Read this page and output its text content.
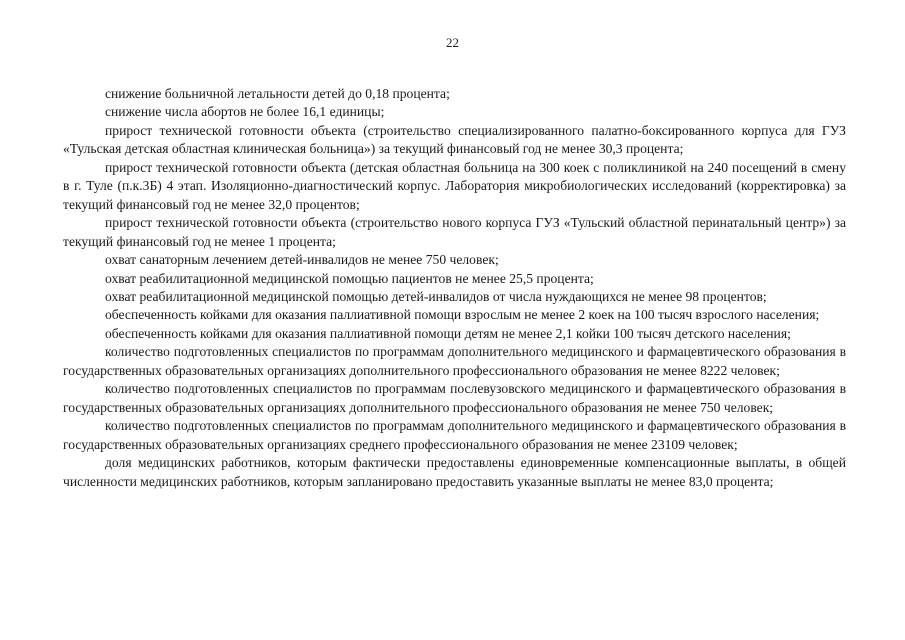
22

снижение больничной летальности детей до 0,18 процента;

снижение числа абортов не более 16,1 единицы;

прирост технической готовности объекта (строительство специализированного палатно-боксированного корпуса для ГУЗ «Тульская детская областная клиническая больница») за текущий финансовый год не менее 30,3 процента;

прирост технической готовности объекта (детская областная больница на 300 коек с поликлиникой на 240 посещений в смену в г. Туле (п.к.3Б) 4 этап. Изоляционно-диагностический корпус. Лаборатория микробиологических исследований (корректировка) за текущий финансовый год не менее 32,0 процентов;

прирост технической готовности объекта (строительство нового корпуса ГУЗ «Тульский областной перинатальный центр») за текущий финансовый год не менее 1 процента;

охват санаторным лечением детей-инвалидов не менее 750 человек;

охват реабилитационной медицинской помощью пациентов не менее 25,5 процента;

охват реабилитационной медицинской помощью детей-инвалидов от числа нуждающихся не менее 98 процентов;

обеспеченность койками для оказания паллиативной помощи взрослым не менее 2 коек на 100 тысяч взрослого населения;

обеспеченность койками для оказания паллиативной помощи детям не менее 2,1 койки 100 тысяч детского населения;

количество подготовленных специалистов по программам дополнительного медицинского и фармацевтического образования в государственных образовательных организациях дополнительного профессионального образования не менее 8222 человек;

количество подготовленных специалистов по программам послевузовского медицинского и фармацевтического образования в государственных образовательных организациях дополнительного профессионального образования не менее 750 человек;

количество подготовленных специалистов по программам дополнительного медицинского и фармацевтического образования в государственных образовательных организациях среднего профессионального образования не менее 23109 человек;

доля медицинских работников, которым фактически предоставлены единовременные компенсационные выплаты, в общей численности медицинских работников, которым запланировано предоставить указанные выплаты не менее 83,0 процента;
